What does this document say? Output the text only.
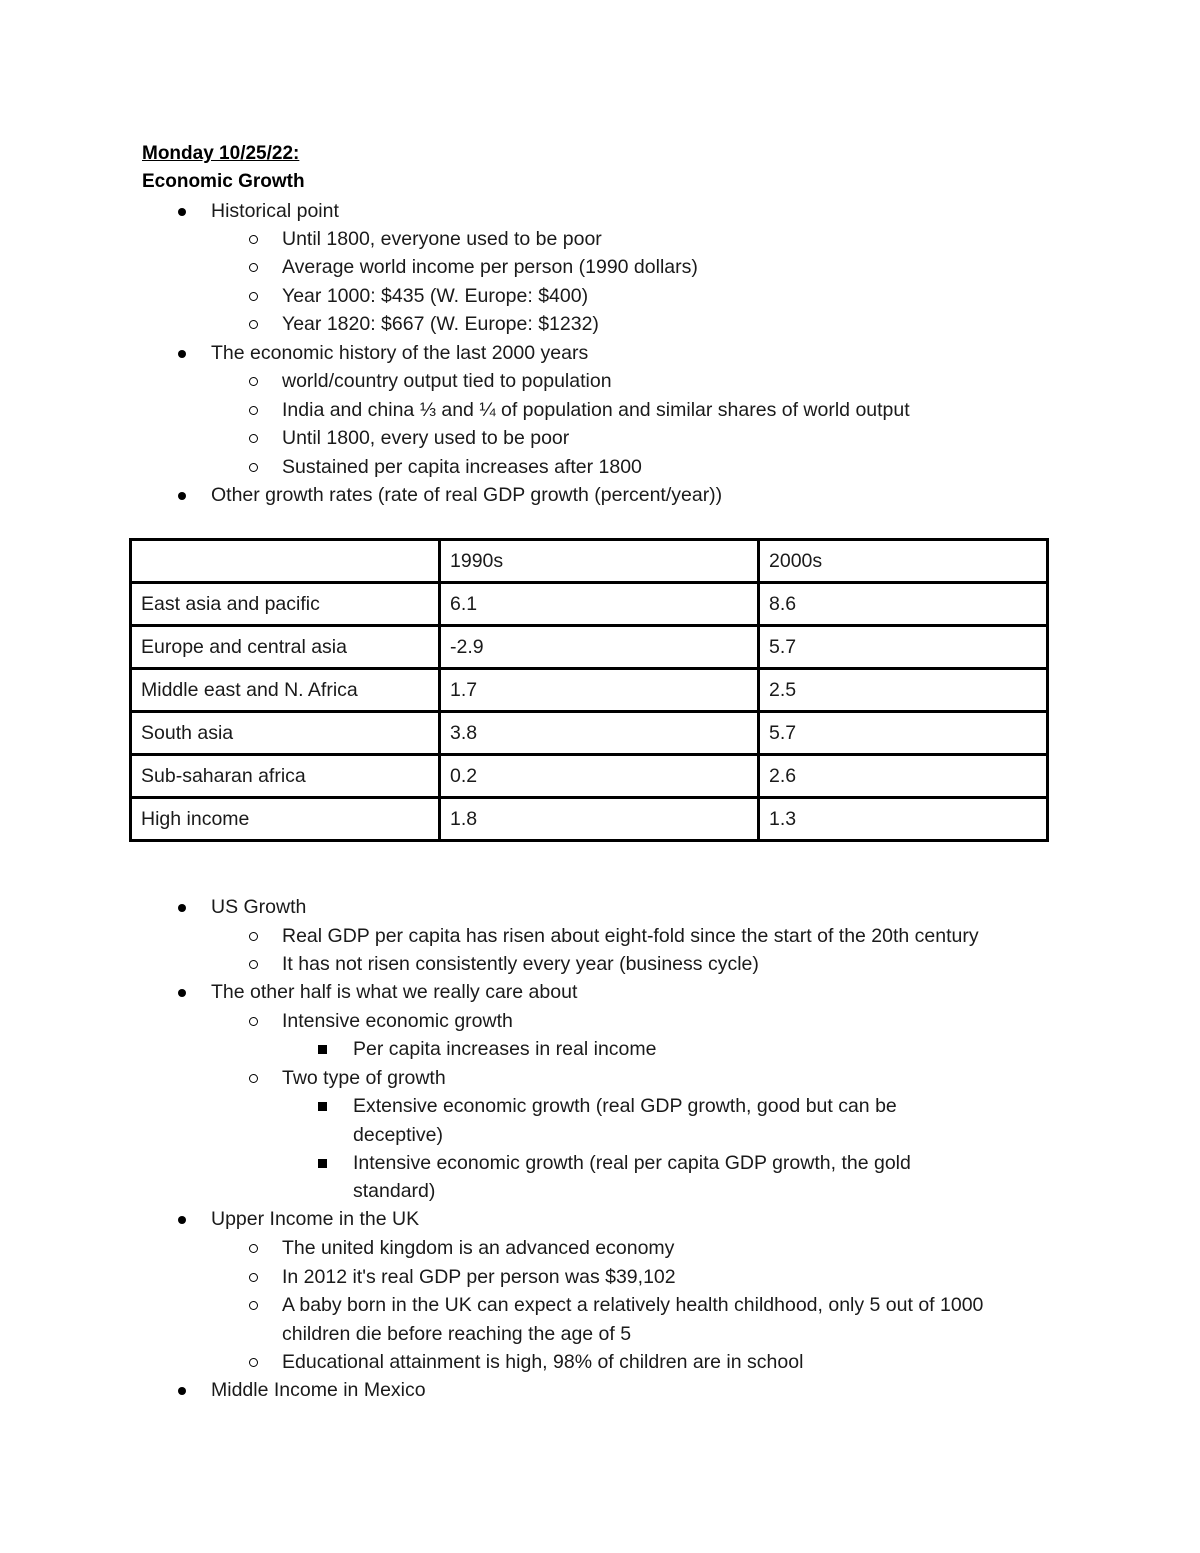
Monday 10/25/22:
Economic Growth
Historical point
Until 1800, everyone used to be poor
Average world income per person (1990 dollars)
Year 1000: $435 (W. Europe: $400)
Year 1820: $667 (W. Europe: $1232)
The economic history of the last 2000 years
world/country output tied to population
India and china ⅓ and ¼ of population and similar shares of world output
Until 1800, every used to be poor
Sustained per capita increases after 1800
Other growth rates (rate of real GDP growth (percent/year))
	1990s	2000s
East asia and pacific	6.1	8.6
Europe and central asia	-2.9	5.7
Middle east and N. Africa	1.7	2.5
South asia	3.8	5.7
Sub-saharan africa	0.2	2.6
High income	1.8	1.3
US Growth
Real GDP per capita has risen about eight-fold since the start of the 20th century
It has not risen consistently every year (business cycle)
The other half is what we really care about
Intensive economic growth
Per capita increases in real income
Two type of growth
Extensive economic growth (real GDP growth, good but can be
deceptive)
Intensive economic growth (real per capita GDP growth, the gold
standard)
Upper Income in the UK
The united kingdom is an advanced economy
In 2012 it's real GDP per person was $39,102
A baby born in the UK can expect a relatively health childhood, only 5 out of 1000
children die before reaching the age of 5
Educational attainment is high, 98% of children are in school
Middle Income in Mexico
